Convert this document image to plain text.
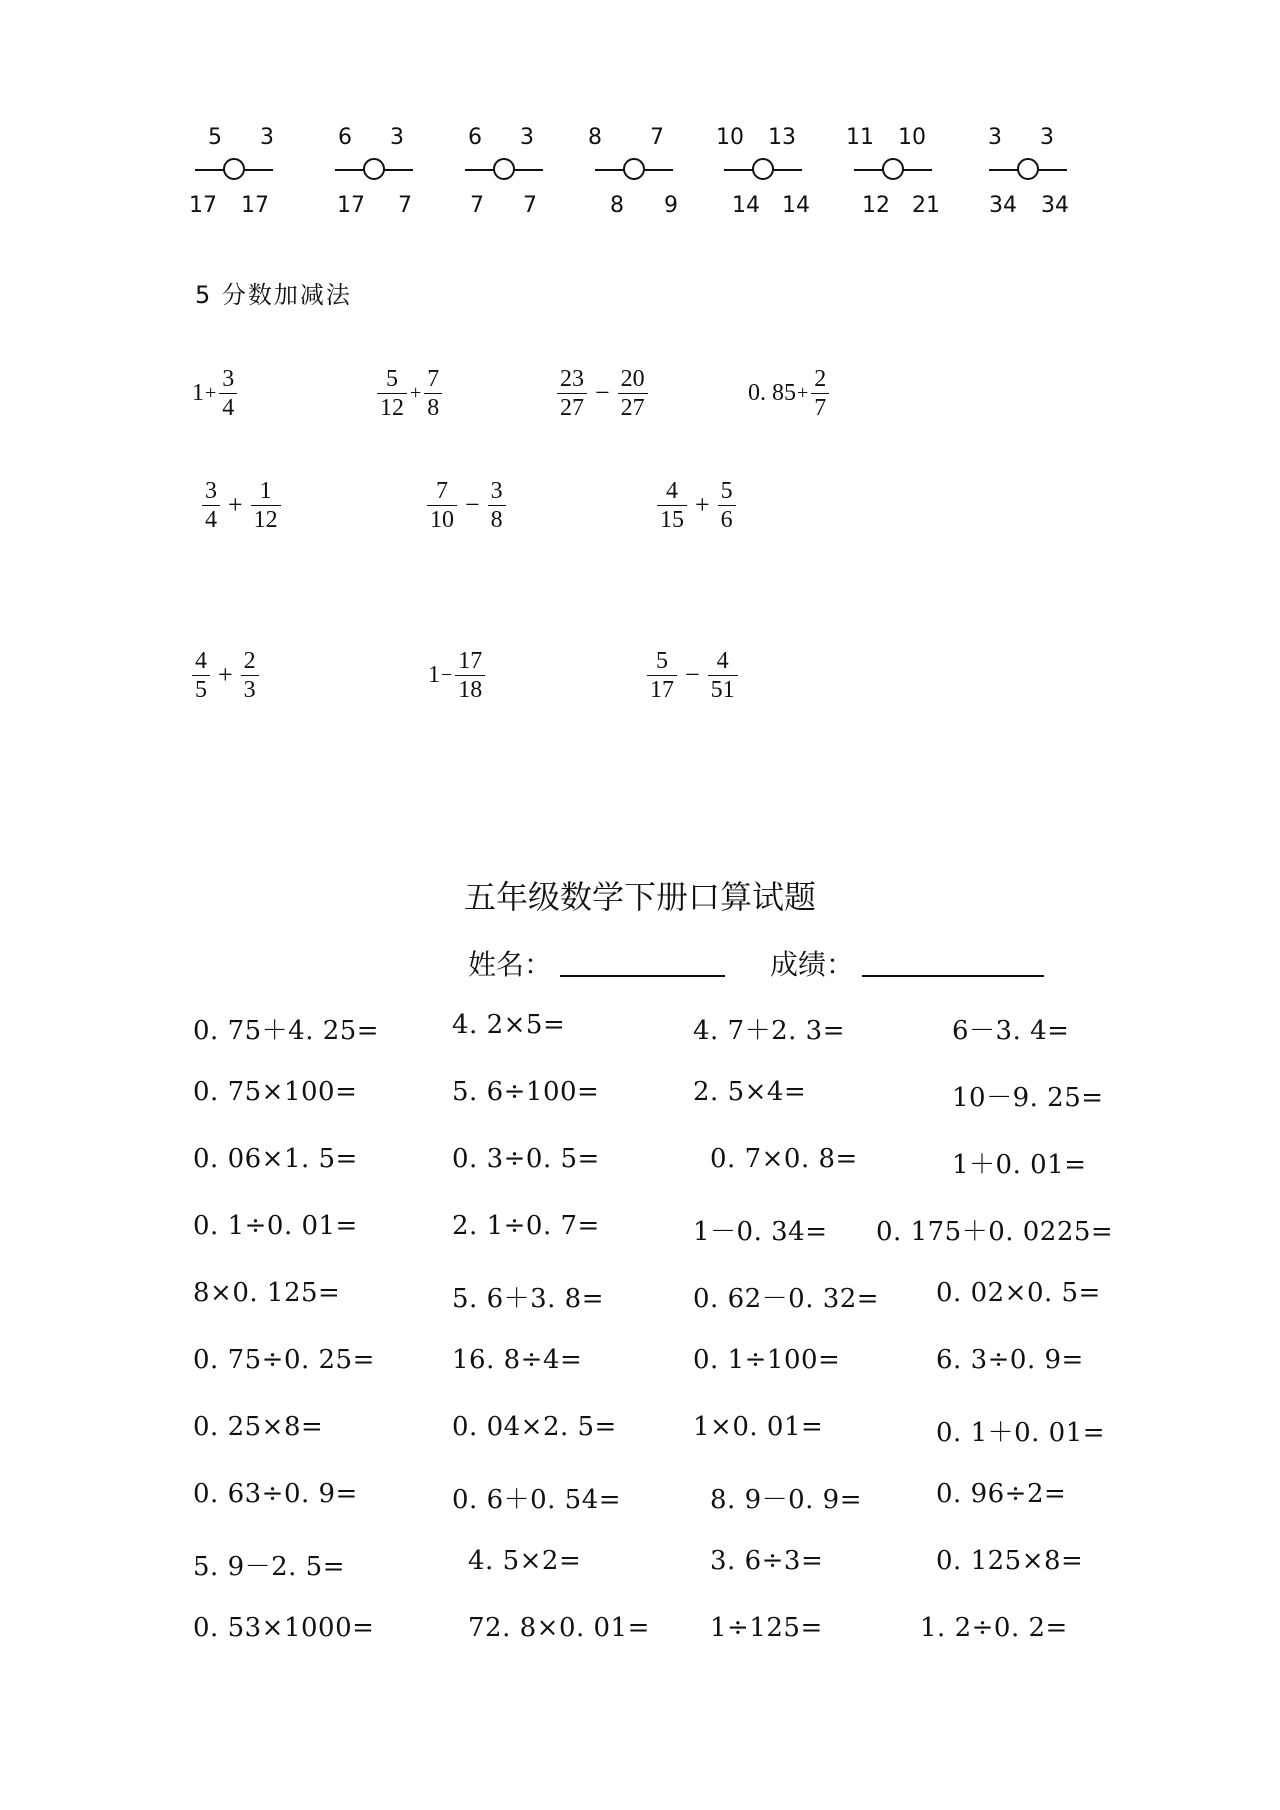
5	3
17 17
6	3
17	7
6	3
7	7
8	7
8	9
10 13
14 14
11 10
12 21
3	3
34 34
5 分数加减法
$1 + \frac{3}{4}$	$\frac{5}{12} + \frac{7}{8}$	$\frac{23}{27} - \frac{20}{27}$	0. $85 + \frac{2}{7}$
$\frac{3}{4} + \frac{1}{12}$	$\frac{7}{10} - \frac{3}{8}$	$\frac{4}{15} + \frac{5}{6}$
$\frac{4}{5} + \frac{2}{3}$	$1 - \frac{17}{18}$	$\frac{5}{17} - \frac{4}{51}$
五年级数学下册口算试题
姓名：	成绩：
0. 75＋4. 25=	4. 2×5=	4. 7＋2. 3=	6－3. 4=
0. 75×100=	5. 6÷100=	2. 5×4=	10－9. 25=
0. 06×1. 5=	0. 3÷0. 5=	0. 7×0. 8=	1＋0. 01=
0. 1÷0. 01=	2. 1÷0. 7=	1－0. 34= 0. 175＋0. 0225=
8×0. 125=	5. 6＋3. 8=	0. 62－0. 32= 0. 02×0. 5=
0. 75÷0. 25=	16. 8÷4=	0. 1÷100=	6. 3÷0. 9=
0. 25×8=	0. 04×2. 5=	1×0. 01=	0. 1＋0. 01=
0. 63÷0. 9=	0. 6＋0. 54=	8. 9－0. 9=	0. 96÷2=
5. 9－2. 5=	4. 5×2=	3. 6÷3=	0. 125×8=
0. 53×1000=	72. 8×0. 01= 1÷125=	1. 2÷0. 2=
